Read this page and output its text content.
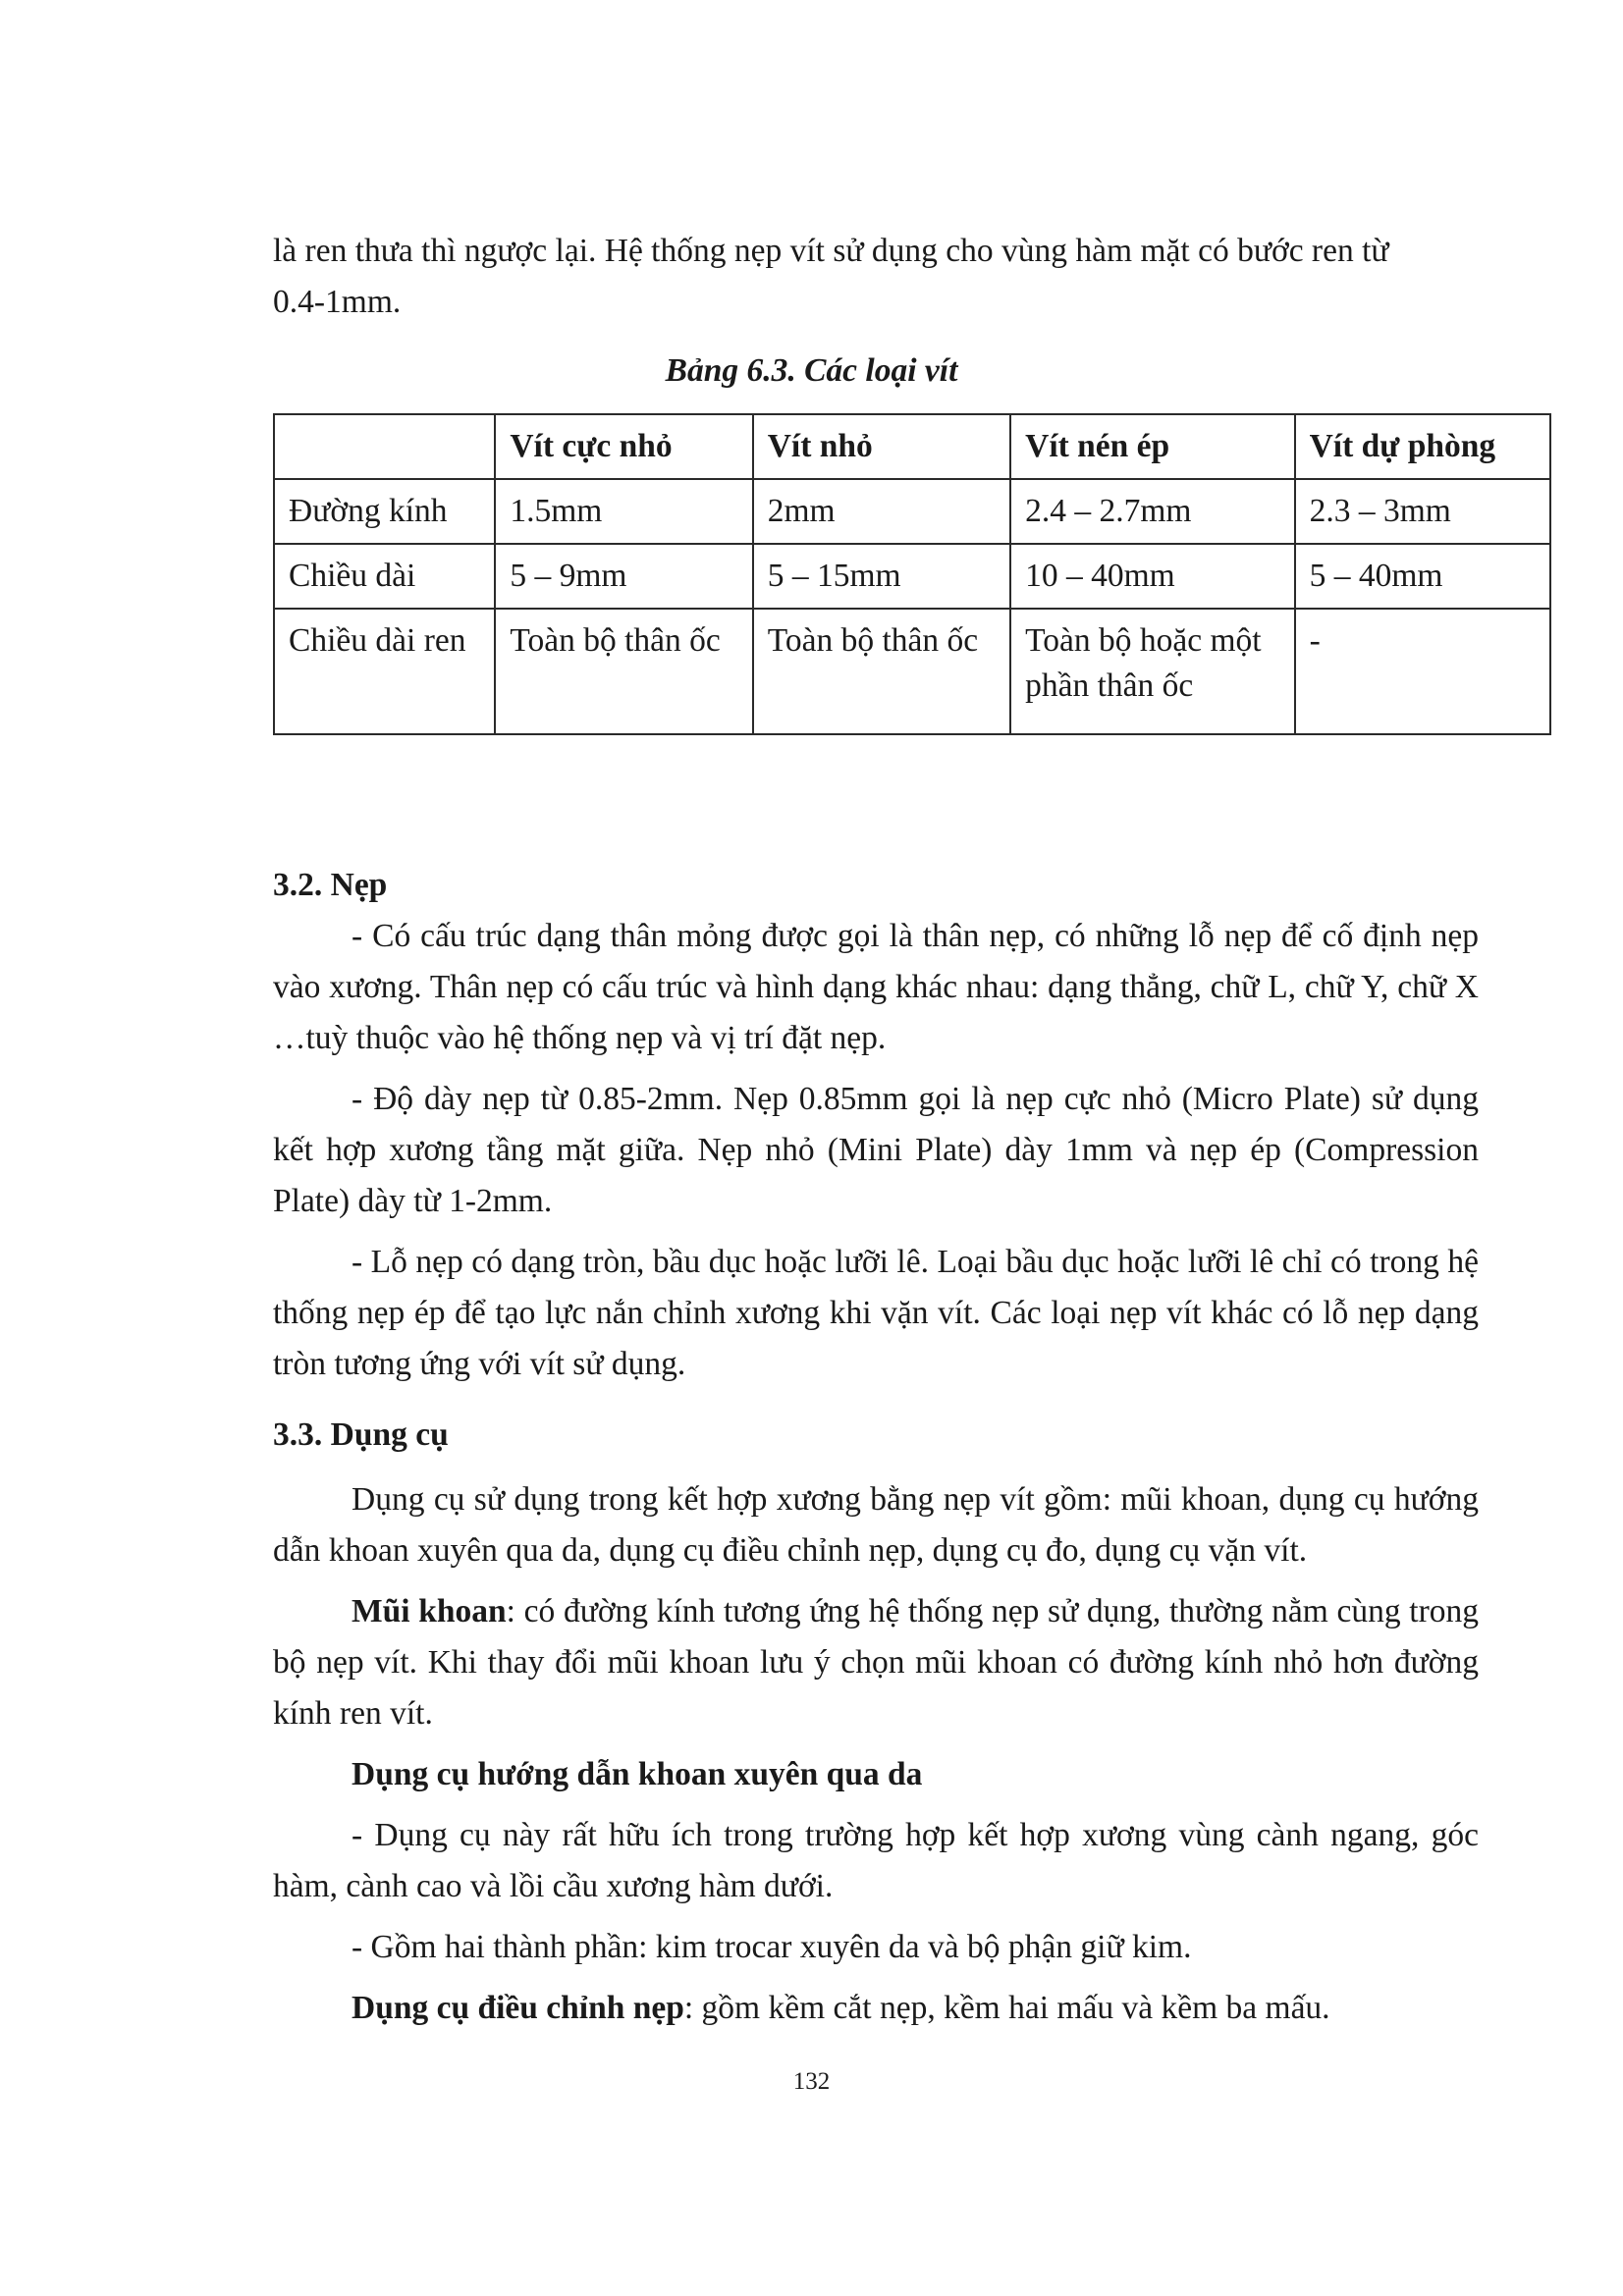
là ren thưa thì ngược lại. Hệ thống nẹp vít sử dụng cho vùng hàm mặt có bước ren từ

0.4-1mm.

Bảng 6.3. Các loại vít
	Vít cực nhỏ	Vít nhỏ	Vít nén ép	Vít dự phòng
Đường kính	1.5mm	2mm	2.4 – 2.7mm	2.3 – 3mm
Chiều dài	5 – 9mm	5 – 15mm	10 – 40mm	5 – 40mm
Chiều dài ren	Toàn bộ thân ốc	Toàn bộ thân ốc	Toàn bộ hoặc một phần thân ốc	-

3.2. Nẹp

- Có cấu trúc dạng thân mỏng được gọi là thân nẹp, có những lỗ nẹp để cố định nẹp vào xương. Thân nẹp có cấu trúc và hình dạng khác nhau: dạng thẳng, chữ L, chữ Y, chữ X …tuỳ thuộc vào hệ thống nẹp và vị trí đặt nẹp.

- Độ dày nẹp từ 0.85-2mm. Nẹp 0.85mm gọi là nẹp cực nhỏ (Micro Plate) sử dụng kết hợp xương tầng mặt giữa. Nẹp nhỏ (Mini Plate) dày 1mm và nẹp ép (Compression Plate) dày từ 1-2mm.

- Lỗ nẹp có dạng tròn, bầu dục hoặc lưỡi lê. Loại bầu dục hoặc lưỡi lê chỉ có trong hệ thống nẹp ép để tạo lực nắn chỉnh xương khi vặn vít. Các loại nẹp vít khác có lỗ nẹp dạng tròn tương ứng với vít sử dụng.

3.3. Dụng cụ

Dụng cụ sử dụng trong kết hợp xương bằng nẹp vít gồm: mũi khoan, dụng cụ hướng dẫn khoan xuyên qua da, dụng cụ điều chỉnh nẹp, dụng cụ đo, dụng cụ vặn vít.

Mũi khoan: có đường kính tương ứng hệ thống nẹp sử dụng, thường nằm cùng trong bộ nẹp vít. Khi thay đổi mũi khoan lưu ý chọn mũi khoan có đường kính nhỏ hơn đường kính ren vít.

Dụng cụ hướng dẫn khoan xuyên qua da

- Dụng cụ này rất hữu ích trong trường hợp kết hợp xương vùng cành ngang, góc hàm, cành cao và lồi cầu xương hàm dưới.

- Gồm hai thành phần: kim trocar xuyên da và bộ phận giữ kim.

Dụng cụ điều chỉnh nẹp: gồm kềm cắt nẹp, kềm hai mấu và kềm ba mấu.

132
